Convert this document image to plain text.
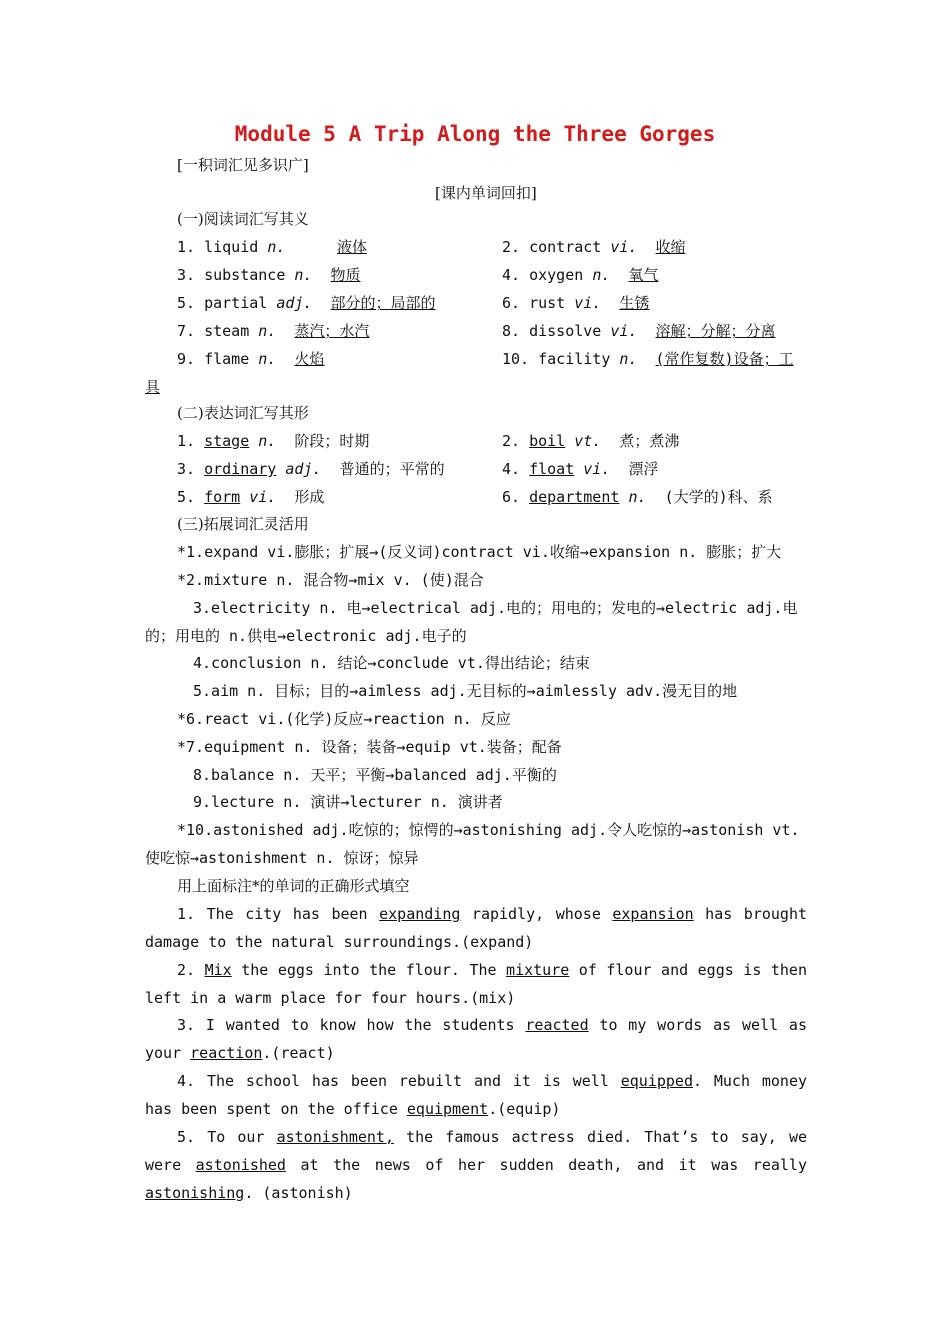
Module 5 A Trip Along the Three Gorges
[一积词汇见多识广]
[课内单词回扣]
(一)阅读词汇写其义
1. liquid n.	液体	2. contract vi. 收缩
3. substance n. 物质	4. oxygen n. 氧气
5. partial adj. 部分的；局部的	6. rust vi. 生锈
7. steam n. 蒸汽；水汽	8. dissolve vi. 溶解；分解；分离
9. flame n. 火焰	10. facility n. (常作复数)设备；工
具
(二)表达词汇写其形
1. stage n. 阶段；时期	2. boil vt. 煮；煮沸
3. ordinary adj. 普通的；平常的	4. float vi. 漂浮
5. form vi. 形成	6. department n. (大学的)科、系
(三)拓展词汇灵活用
*1.expand vi.膨胀；扩展→(反义词)contract vi.收缩→expansion n. 膨胀；扩大
*2.mixture n. 混合物→mix v. (使)混合
3.electricity n. 电→electrical adj.电的；用电的；发电的→electric adj.电
的；用电的 n.供电→electronic adj.电子的
4.conclusion n. 结论→conclude vt.得出结论；结束
5.aim n. 目标；目的→aimless adj.无目标的→aimlessly adv.漫无目的地
*6.react vi.(化学)反应→reaction n. 反应
*7.equipment n. 设备；装备→equip vt.装备；配备
8.balance n. 天平；平衡→balanced adj.平衡的
9.lecture n. 演讲→lecturer n. 演讲者
*10.astonished adj.吃惊的；惊愕的→astonishing adj.令人吃惊的→astonish vt.
使吃惊→astonishment n. 惊讶；惊异
用上面标注*的单词的正确形式填空
1. The city has been expanding rapidly, whose expansion has brought damage to the natural surroundings.(expand)
2. Mix the eggs into the flour. The mixture of flour and eggs is then left in a warm place for four hours.(mix)
3. I wanted to know how the students reacted to my words as well as your reaction.(react)
4. The school has been rebuilt and it is well equipped. Much money has been spent on the office equipment.(equip)
5. To our astonishment, the famous actress died. That’s to say, we were astonished at the news of her sudden death, and it was really astonishing. (astonish)
